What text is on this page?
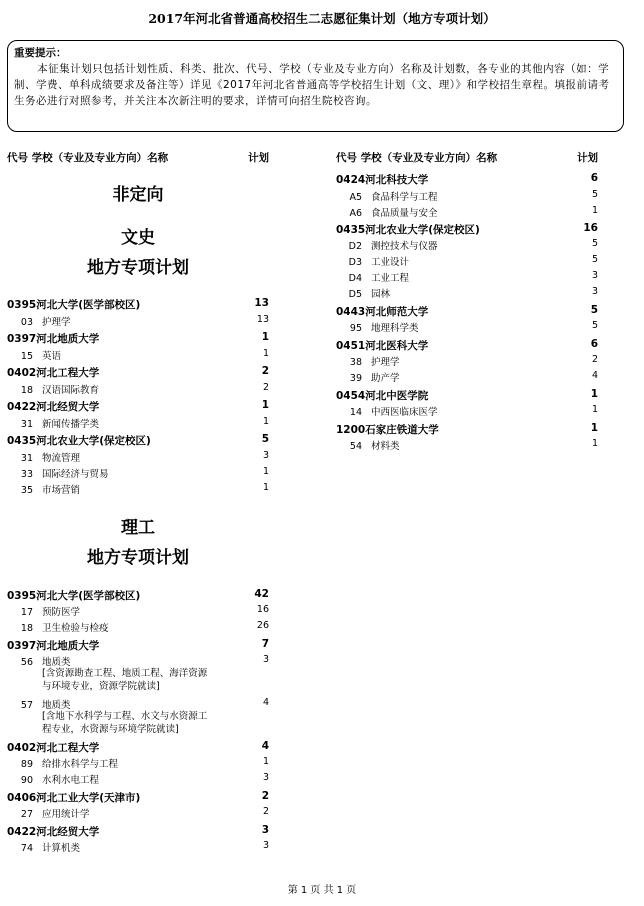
2017年河北省普通高校招生二志愿征集计划（地方专项计划）
重要提示：
本征集计划只包括计划性质、科类、批次、代号、学校（专业及专业方向）名称及计划数，各专业的其他内容（如：学制、学费、单科成绩要求及备注等）详见《2017年河北省普通高等学校招生计划（文、理）》和学校招生章程。填报前请考生务必进行对照参考，并关注本次新注明的要求，详情可向招生院校咨询。
代号 学校（专业及专业方向）名称	计划	代号 学校（专业及专业方向）名称	计划
非定向
文史
地方专项计划
0395河北大学(医学部校区)	13
03 护理学	13
0397河北地质大学	1
15 英语	1
0402河北工程大学	2
18 汉语国际教育	2
0422河北经贸大学	1
31 新闻传播学类	1
0435河北农业大学(保定校区)	5
31 物流管理	3
33 国际经济与贸易	1
35 市场营销	1
理工
地方专项计划
0395河北大学(医学部校区)	42
17 预防医学	16
18 卫生检验与检疫	26
0397河北地质大学	7
56 地质类	3
[含资源勘查工程、地质工程、海洋资源
与环境专业，资源学院就读]
57 地质类	4
[含地下水科学与工程、水文与水资源工
程专业，水资源与环境学院就读]
0402河北工程大学	4
89 给排水科学与工程	1
90 水利水电工程	3
0406河北工业大学(天津市)	2
27 应用统计学	2
0422河北经贸大学	3
74 计算机类	3
0424河北科技大学	6
A5 食品科学与工程	5
A6 食品质量与安全	1
0435河北农业大学(保定校区)	16
D2 测控技术与仪器	5
D3 工业设计	5
D4 工业工程	3
D5 园林	3
0443河北师范大学	5
95 地理科学类	5
0451河北医科大学	6
38 护理学	2
39 助产学	4
0454河北中医学院	1
14 中西医临床医学	1
1200石家庄铁道大学	1
54 材料类	1
第 1 页 共 1 页
